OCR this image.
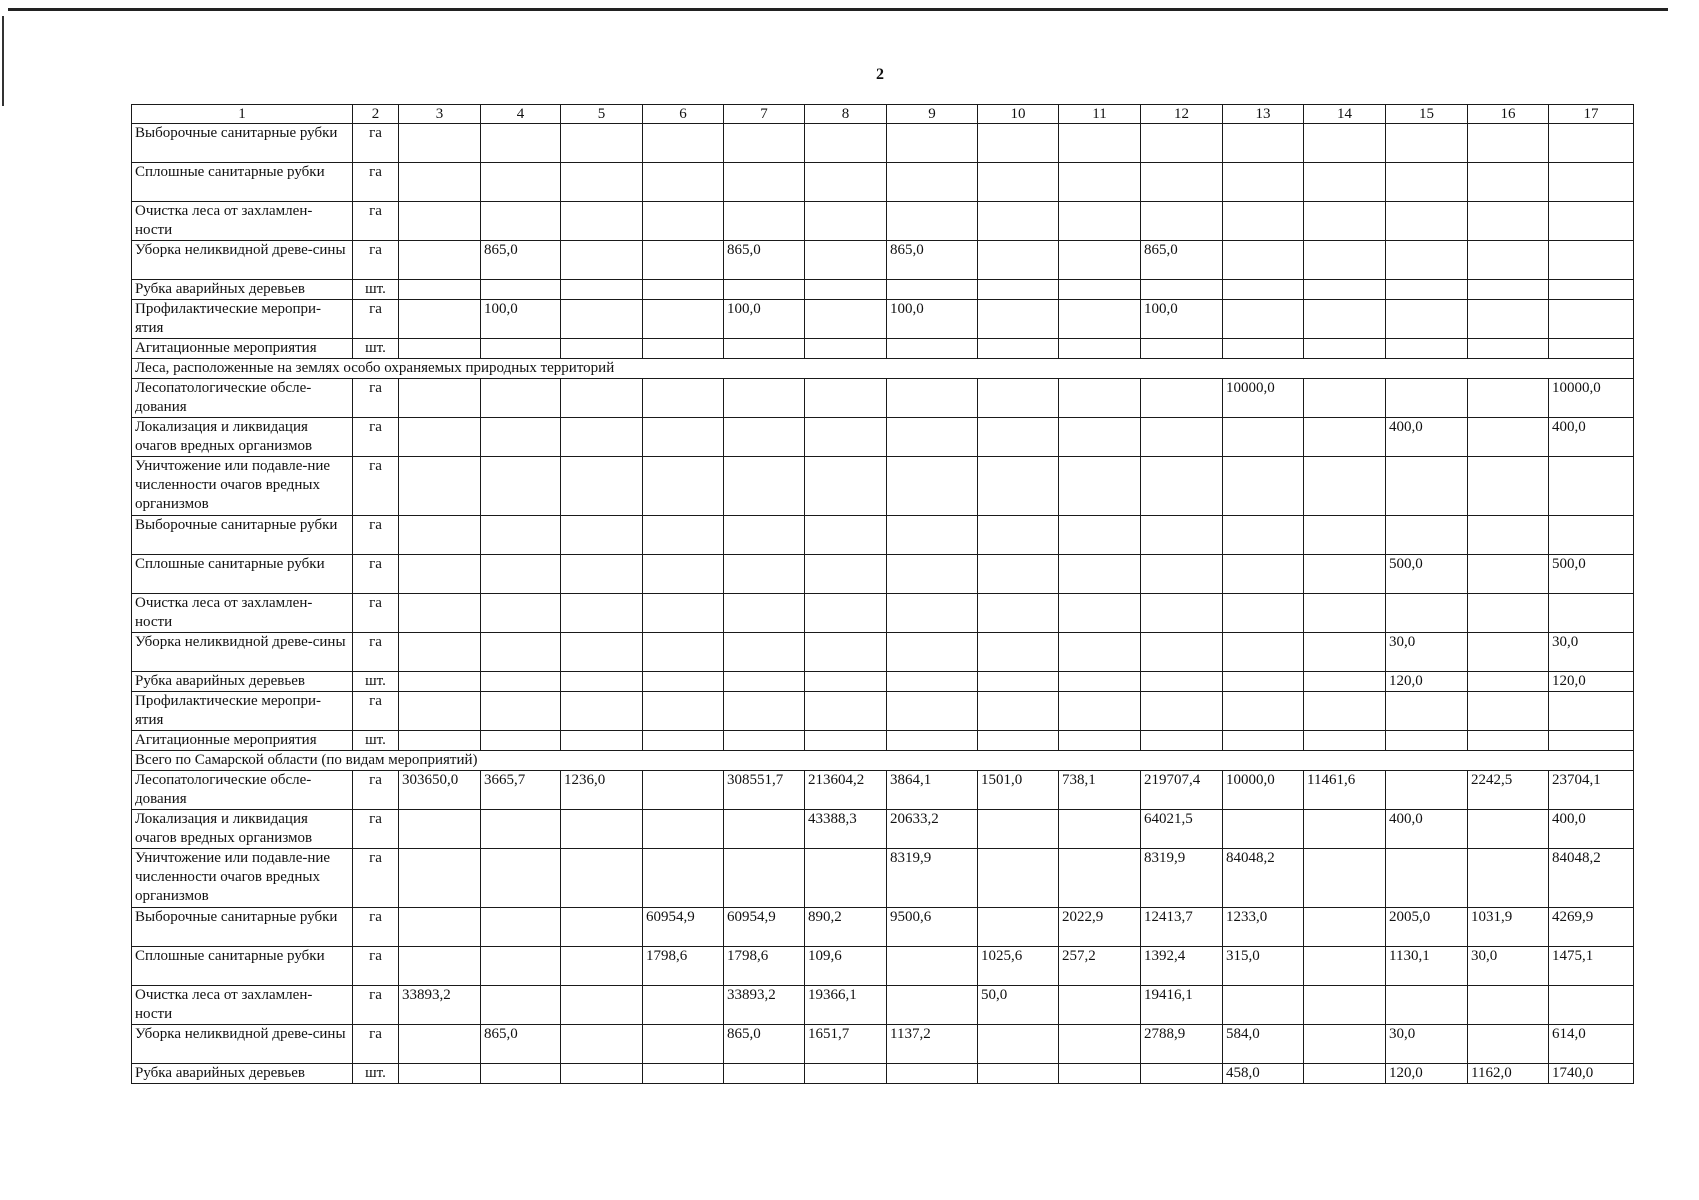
2
1	2	3	4	5	6	7	8	9	10	11	12	13	14	15	16	17
Выборочные санитарные рубки	га															
Сплошные санитарные рубки	га															
Очистка леса от захламлен-ности	га															
Уборка неликвидной древе-сины	га		865,0			865,0		865,0			865,0					
Рубка аварийных деревьев	шт.															
Профилактические меропри-ятия	га		100,0			100,0		100,0			100,0					
Агитационные мероприятия	шт.															
Леса, расположенные на землях особо охраняемых природных территорий																
Лесопатологические обсле-дования	га											10000,0				10000,0
Локализация и ликвидация очагов вредных организмов	га													400,0		400,0
Уничтожение или подавле-ние численности очагов вредных организмов	га															
Выборочные санитарные рубки	га															
Сплошные санитарные рубки	га													500,0		500,0
Очистка леса от захламлен-ности	га															
Уборка неликвидной древе-сины	га													30,0		30,0
Рубка аварийных деревьев	шт.													120,0		120,0
Профилактические меропри-ятия	га															
Агитационные мероприятия	шт.															
Всего по Самарской области (по видам мероприятий)																
Лесопатологические обсле-дования	га	303650,0	3665,7	1236,0		308551,7	213604,2	3864,1	1501,0	738,1	219707,4	10000,0	11461,6		2242,5	23704,1
Локализация и ликвидация очагов вредных организмов	га						43388,3	20633,2			64021,5			400,0		400,0
Уничтожение или подавле-ние численности очагов вредных организмов	га							8319,9			8319,9	84048,2				84048,2
Выборочные санитарные рубки	га				60954,9	60954,9	890,2	9500,6		2022,9	12413,7	1233,0		2005,0	1031,9	4269,9
Сплошные санитарные рубки	га				1798,6	1798,6	109,6		1025,6	257,2	1392,4	315,0		1130,1	30,0	1475,1
Очистка леса от захламлен-ности	га	33893,2				33893,2	19366,1		50,0		19416,1					
Уборка неликвидной древе-сины	га		865,0			865,0	1651,7	1137,2			2788,9	584,0		30,0		614,0
Рубка аварийных деревьев	шт.											458,0		120,0	1162,0	1740,0
